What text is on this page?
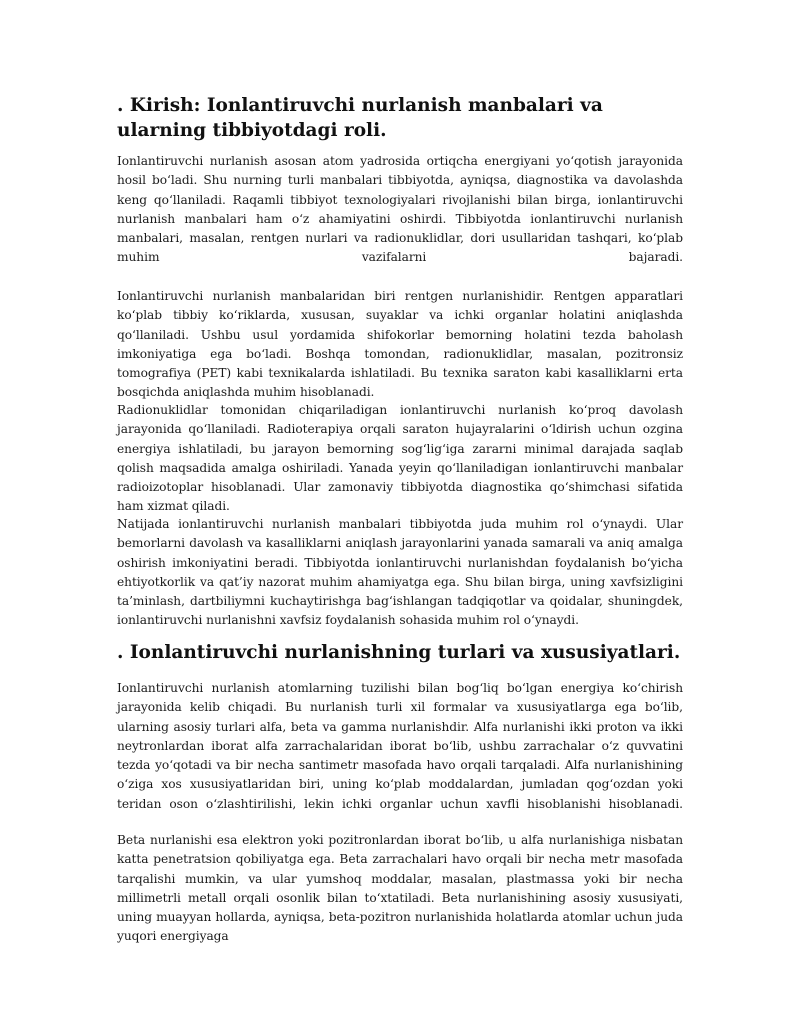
. Kirish: Ionlantiruvchi nurlanish manbalari va ularning tibbiyotdagi roli.

Ionlantiruvchi nurlanish asosan atom yadrosida ortiqcha energiyani yo‘qotish jarayonida hosil bo‘ladi. Shu nurning turli manbalari tibbiyotda, ayniqsa, diagnostika va davolashda keng qo‘llaniladi. Raqamli tibbiyot texnologiyalari rivojlanishi bilan birga, ionlantiruvchi nurlanish manbalari ham o‘z ahamiyatini oshirdi. Tibbiyotda ionlantiruvchi nurlanish manbalari, masalan, rentgen nurlari va radionuklidlar, dori usullaridan tashqari, ko‘plab muhim vazifalarni bajaradi.

Ionlantiruvchi nurlanish manbalaridan biri rentgen nurlanishidir. Rentgen apparatlari ko‘plab tibbiy ko‘riklarda, xususan, suyaklar va ichki organlar holatini aniqlashda qo‘llaniladi. Ushbu usul yordamida shifokorlar bemorning holatini tezda baholash imkoniyatiga ega bo‘ladi. Boshqa tomondan, radionuklidlar, masalan, pozitronsiz tomografiya (PET) kabi texnikalarda ishlatiladi. Bu texnika saraton kabi kasalliklarni erta bosqichda aniqlashda muhim hisoblanadi.

Radionuklidlar tomonidan chiqariladigan ionlantiruvchi nurlanish ko‘proq davolash jarayonida qo‘llaniladi. Radioterapiya orqali saraton hujayralarini o‘ldirish uchun ozgina energiya ishlatiladi, bu jarayon bemorning sog‘lig‘iga zararni minimal darajada saqlab qolish maqsadida amalga oshiriladi. Yanada yeyin qo‘llaniladigan ionlantiruvchi manbalar radioizotoplar hisoblanadi. Ular zamonaviy tibbiyotda diagnostika qo‘shimchasi sifatida ham xizmat qiladi.

Natijada ionlantiruvchi nurlanish manbalari tibbiyotda juda muhim rol o‘ynaydi. Ular bemorlarni davolash va kasalliklarni aniqlash jarayonlarini yanada samarali va aniq amalga oshirish imkoniyatini beradi. Tibbiyotda ionlantiruvchi nurlanishdan foydalanish bo‘yicha ehtiyotkorlik va qat’iy nazorat muhim ahamiyatga ega. Shu bilan birga, uning xavfsizligini ta’minlash, dartbiliymni kuchaytirishga bag‘ishlangan tadqiqotlar va qoidalar, shuningdek, ionlantiruvchi nurlanishni xavfsiz foydalanish sohasida muhim rol o‘ynaydi.

. Ionlantiruvchi nurlanishning turlari va xususiyatlari.

Ionlantiruvchi nurlanish atomlarning tuzilishi bilan bog‘liq bo‘lgan energiya ko‘chirish jarayonida kelib chiqadi. Bu nurlanish turli xil formalar va xususiyatlarga ega bo‘lib, ularning asosiy turlari alfa, beta va gamma nurlanishdir. Alfa nurlanishi ikki proton va ikki neytronlardan iborat alfa zarrachalaridan iborat bo‘lib, ushbu zarrachalar o‘z quvvatini tezda yo‘qotadi va bir necha santimetr masofada havo orqali tarqaladi. Alfa nurlanishining o‘ziga xos xususiyatlaridan biri, uning ko‘plab moddalardan, jumladan qog‘ozdan yoki teridan oson o‘zlashtirilishi, lekin ichki organlar uchun xavfli hisoblanishi hisoblanadi.

Beta nurlanishi esa elektron yoki pozitronlardan iborat bo‘lib, u alfa nurlanishiga nisbatan katta penetratsion qobiliyatga ega. Beta zarrachalari havo orqali bir necha metr masofada tarqalishi mumkin, va ular yumshoq moddalar, masalan, plastmassa yoki bir necha millimetrli metall orqali osonlik bilan to‘xtatiladi. Beta nurlanishining asosiy xususiyati, uning muayyan hollarda, ayniqsa, beta-pozitron nurlanishida holatlarda atomlar uchun juda yuqori energiyaga
